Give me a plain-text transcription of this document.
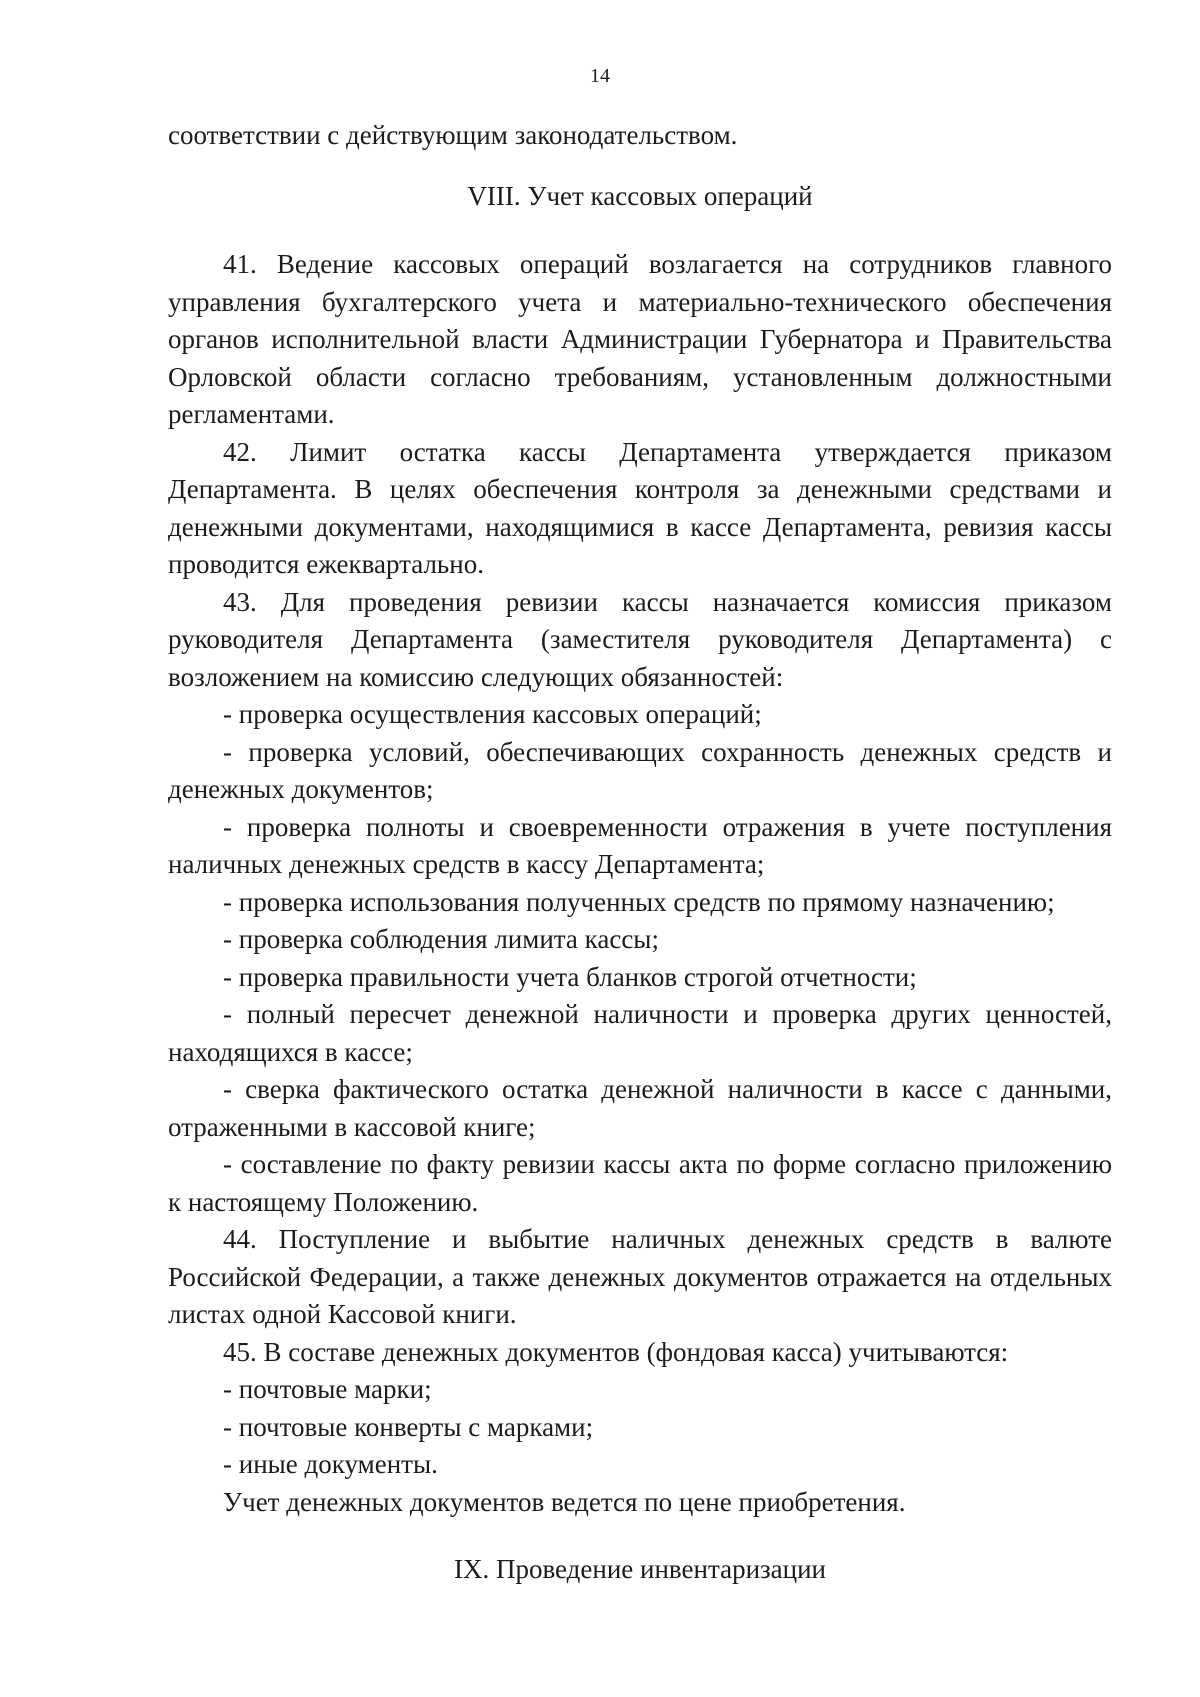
14

соответствии с действующим законодательством.

VIII. Учет кассовых операций

41. Ведение кассовых операций возлагается на сотрудников главного управления бухгалтерского учета и материально-технического обеспечения органов исполнительной власти Администрации Губернатора и Правительства Орловской области согласно требованиям, установленным должностными регламентами.

42. Лимит остатка кассы Департамента утверждается приказом Департамента. В целях обеспечения контроля за денежными средствами и денежными документами, находящимися в кассе Департамента, ревизия кассы проводится ежеквартально.

43. Для проведения ревизии кассы назначается комиссия приказом руководителя Департамента (заместителя руководителя Департамента) с возложением на комиссию следующих обязанностей:

- проверка осуществления кассовых операций;

- проверка условий, обеспечивающих сохранность денежных средств и денежных документов;

- проверка полноты и своевременности отражения в учете поступления наличных денежных средств в кассу Департамента;

- проверка использования полученных средств по прямому назначению;

- проверка соблюдения лимита кассы;

- проверка правильности учета бланков строгой отчетности;

- полный пересчет денежной наличности и проверка других ценностей, находящихся в кассе;

- сверка фактического остатка денежной наличности в кассе с данными, отраженными в кассовой книге;

- составление по факту ревизии кассы акта по форме согласно приложению к настоящему Положению.

44. Поступление и выбытие наличных денежных средств в валюте Российской Федерации, а также денежных документов отражается на отдельных листах одной Кассовой книги.

45. В составе денежных документов (фондовая касса) учитываются:

- почтовые марки;

- почтовые конверты с марками;

- иные документы.

Учет денежных документов ведется по цене приобретения.

IX. Проведение инвентаризации
